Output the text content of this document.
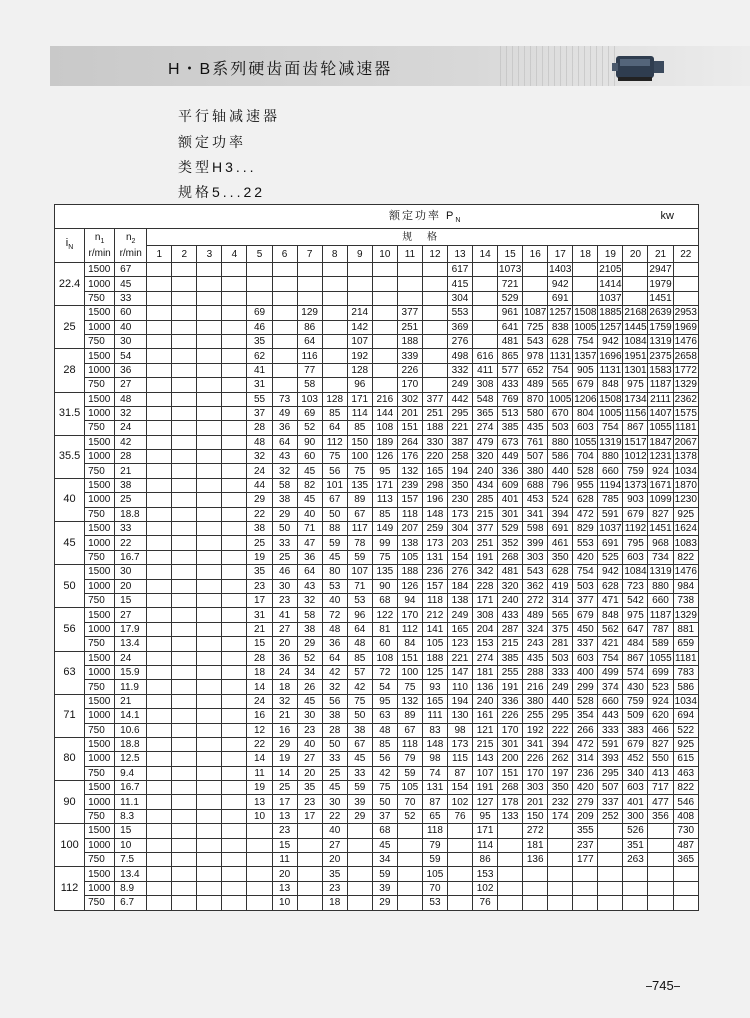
H・B系列硬齿面齿轮减速器
平行轴减速器
额定功率
类型H3...
规格5...22
额定功率 $P_N$ kw																								

$i_N$	$n_1$
r/min	$n_2$
r/min	规 格																					
			1	2	3	4	5	6	7	8	9	10	11	12	13	14	15	16	17	18	19	20	21	22
22.4	1500	67													617		1073		1403		2105		2947	
	1000	45													415		721		942		1414		1979	
	750	33													304		529		691		1037		1451	
25	1500	60					69		129		214		377		553		961	1087	1257	1508	1885	2168	2639	2953
	1000	40					46		86		142		251		369		641	725	838	1005	1257	1445	1759	1969
	750	30					35		64		107		188		276		481	543	628	754	942	1084	1319	1476
28	1500	54					62		116		192		339		498	616	865	978	1131	1357	1696	1951	2375	2658
	1000	36					41		77		128		226		332	411	577	652	754	905	1131	1301	1583	1772
	750	27					31		58		96		170		249	308	433	489	565	679	848	975	1187	1329
31.5	1500	48					55	73	103	128	171	216	302	377	442	548	769	870	1005	1206	1508	1734	2111	2362
	1000	32					37	49	69	85	114	144	201	251	295	365	513	580	670	804	1005	1156	1407	1575
	750	24					28	36	52	64	85	108	151	188	221	274	385	435	503	603	754	867	1055	1181
35.5	1500	42					48	64	90	112	150	189	264	330	387	479	673	761	880	1055	1319	1517	1847	2067
	1000	28					32	43	60	75	100	126	176	220	258	320	449	507	586	704	880	1012	1231	1378
	750	21					24	32	45	56	75	95	132	165	194	240	336	380	440	528	660	759	924	1034
40	1500	38					44	58	82	101	135	171	239	298	350	434	609	688	796	955	1194	1373	1671	1870
	1000	25					29	38	45	67	89	113	157	196	230	285	401	453	524	628	785	903	1099	1230
	750	18.8					22	29	40	50	67	85	118	148	173	215	301	341	394	472	591	679	827	925
45	1500	33					38	50	71	88	117	149	207	259	304	377	529	598	691	829	1037	1192	1451	1624
	1000	22					25	33	47	59	78	99	138	173	203	251	352	399	461	553	691	795	968	1083
	750	16.7					19	25	36	45	59	75	105	131	154	191	268	303	350	420	525	603	734	822
50	1500	30					35	46	64	80	107	135	188	236	276	342	481	543	628	754	942	1084	1319	1476
	1000	20					23	30	43	53	71	90	126	157	184	228	320	362	419	503	628	723	880	984
	750	15					17	23	32	40	53	68	94	118	138	171	240	272	314	377	471	542	660	738
56	1500	27					31	41	58	72	96	122	170	212	249	308	433	489	565	679	848	975	1187	1329
	1000	17.9					21	27	38	48	64	81	112	141	165	204	287	324	375	450	562	647	787	881
	750	13.4					15	20	29	36	48	60	84	105	123	153	215	243	281	337	421	484	589	659
63	1500	24					28	36	52	64	85	108	151	188	221	274	385	435	503	603	754	867	1055	1181
	1000	15.9					18	24	34	42	57	72	100	125	147	181	255	288	333	400	499	574	699	783
	750	11.9					14	18	26	32	42	54	75	93	110	136	191	216	249	299	374	430	523	586
71	1500	21					24	32	45	56	75	95	132	165	194	240	336	380	440	528	660	759	924	1034
	1000	14.1					16	21	30	38	50	63	89	111	130	161	226	255	295	354	443	509	620	694
	750	10.6					12	16	23	28	38	48	67	83	98	121	170	192	222	266	333	383	466	522
80	1500	18.8					22	29	40	50	67	85	118	148	173	215	301	341	394	472	591	679	827	925
	1000	12.5					14	19	27	33	45	56	79	98	115	143	200	226	262	314	393	452	550	615
	750	9.4					11	14	20	25	33	42	59	74	87	107	151	170	197	236	295	340	413	463
90	1500	16.7					19	25	35	45	59	75	105	131	154	191	268	303	350	420	507	603	717	822
	1000	11.1					13	17	23	30	39	50	70	87	102	127	178	201	232	279	337	401	477	546
	750	8.3					10	13	17	22	29	37	52	65	76	95	133	150	174	209	252	300	356	408
100	1500	15						23		40		68		118		171		272		355		526		730
	1000	10						15		27		45		79		114		181		237		351		487
	750	7.5						11		20		34		59		86		136		177		263		365
112	1500	13.4						20		35		59		105		153								
	1000	8.9						13		23		39		70		102								
	750	6.7						10		18		29		53		76								
745
